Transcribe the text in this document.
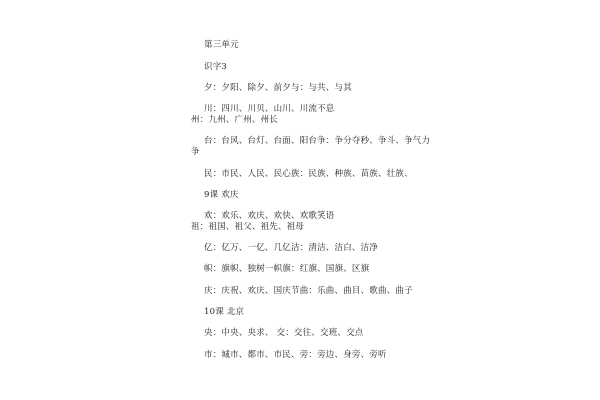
第三单元
识字3
夕：夕阳、除夕、前夕与：与共、与其
川：四川、川贝、山川、川流不息
州：九州、广州、州长
台：台风、台灯、台面、阳台争：争分夺秒、争斗、争气力
争
民：市民、人民、民心族：民族、种族、苗族、壮族、
9课 欢庆
欢：欢乐、欢庆、欢快、欢歌笑语
祖：祖国、祖父、祖先、祖母
亿：亿万、一亿、几亿洁：清洁、洁白、洁净
帜：旗帜、独树一帜旗：红旗、国旗、区旗
庆：庆祝、欢庆、国庆节曲：乐曲、曲目、歌曲、曲子
10课 北京
央：中央、央求、 交：交往、交班、交点
市：城市、都市、市民、旁：旁边、身旁、旁听
